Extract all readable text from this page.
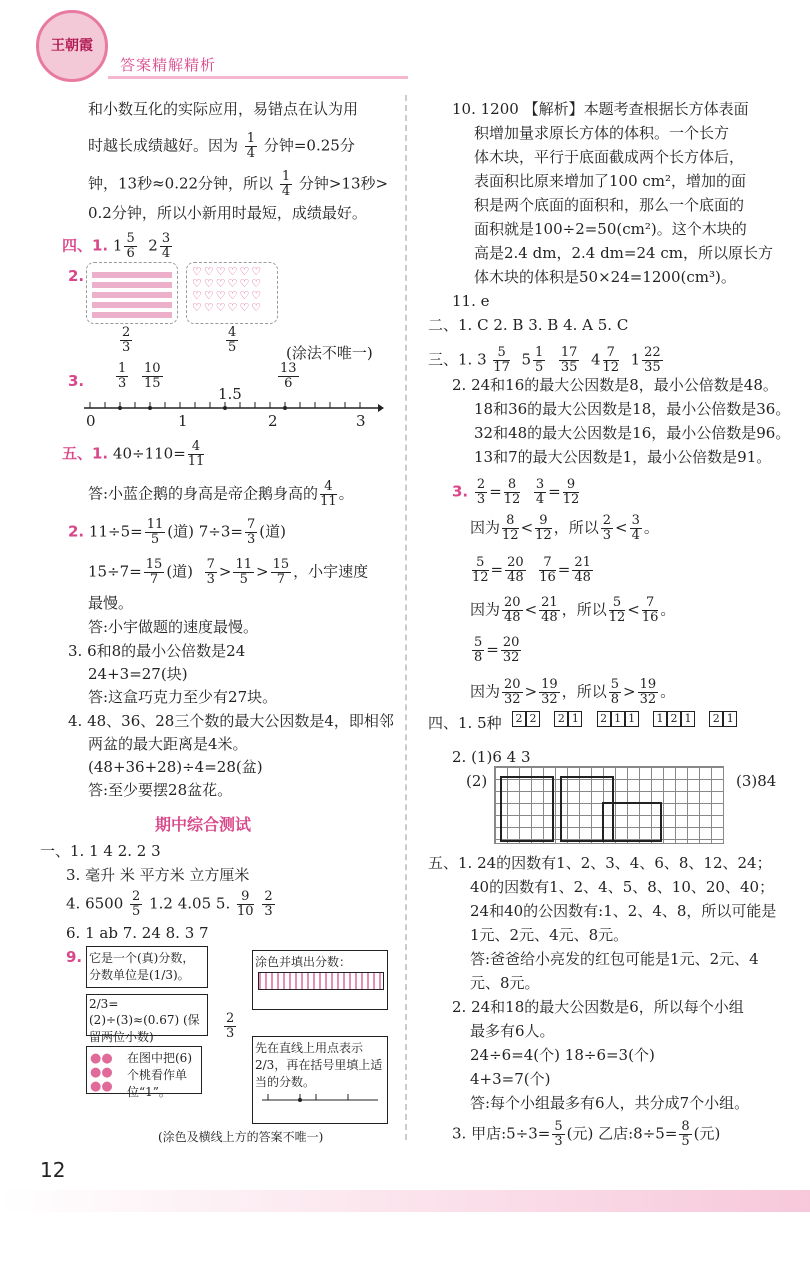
王朝霞
答案精解精析
和小数互化的实际应用，易错点在认为用
时越长成绩越好。因为 $\frac{1}{4}$ 分钟=0.25分
钟，13秒≈0.22分钟，所以 $\frac{1}{4}$ 分钟>13秒>
0.2分钟，所以小新用时最短，成绩最好。
四、1. $1 \frac{5}{6} 2 \frac{3}{4}$
2.	♡♡♡♡♡♡
♡♡♡♡♡♡
♡♡♡♡♡♡
♡♡♡♡♡♡
$\frac{2}{3}$	$\frac{4}{5}$	(涂法不唯一)
3. $\frac{1}{3} \frac{10}{15}$
1.5
$\frac{13}{6}$
0	1	2	3
五、1. $40\div 110= \frac{4}{11}$
答:小蓝企鹅的身高是帝企鹅身高的 $\frac{4}{11}$ 。
2. $11\div 5= \frac{11}{5}$ (道) $7\div 3= \frac{7}{3}$ (道)
$15\div 7= \frac{15}{7}$ (道) $\frac{7}{3} > \frac{11}{5} > \frac{15}{7}$ ，小宇速度
最慢。
答:小宇做题的速度最慢。
3. 6和8的最小公倍数是24
24+3=27(块)
答:这盒巧克力至少有27块。
4. 48、36、28三个数的最大公因数是4，即相邻
两盆的最大距离是4米。
(48+36+28)÷4=28(盆)
答:至少要摆28盆花。
期中综合测试
一、1. 1 4 2. 2 3
3. 毫升 米 平方米 立方厘米
4. $6500 \frac{2}{5} 1.2$ 4.05 5. $\frac{9}{10}$
$\frac{2}{3}$
6. 1 ab 7. 24 8. 3 7
9. 它是一个(真)分数，分数单位是(1/3)。
2/3=(2)÷(3)≈(0.67) (保留两位小数)
在图中把(6)个桃看作单位“1”。
●●
●●
●●
涂色并填出分数：
先在直线上用点表示2/3，再在括号里填上适当的分数。
$\frac{2}{3}$
(涂色及横线上方的答案不唯一)
12
10. 1200 【解析】本题考查根据长方体表面
积增加量求原长方体的体积。一个长方
体木块，平行于底面截成两个长方体后，
表面积比原来增加了100 cm²，增加的面
积是两个底面的面积和，那么一个底面的
面积就是100÷2=50(cm²)。这个木块的
高是2.4 dm，2.4 dm=24 cm，所以原长方
体木块的体积是50×24=1200(cm³)。
11. e
二、1. C 2. B 3. B 4. A 5. C
三、1. $3 \frac{5}{17} 5 \frac{1}{5}$
$\frac{17}{35} 4 \frac{7}{12} 1 \frac{22}{35}$
2. 24和16的最大公因数是8，最小公倍数是48。
18和36的最大公因数是18，最小公倍数是36。
32和48的最大公因数是16，最小公倍数是96。
13和7的最大公因数是1，最小公倍数是91。
3. $\frac{2}{3} = \frac{8}{12}$
$\frac{3}{4} = \frac{9}{12}$
因为 $\frac{8}{12} < \frac{9}{12}$ ，所以 $\frac{2}{3} < \frac{3}{4}$ 。
$\frac{5}{12} = \frac{20}{48}$
$\frac{7}{16} = \frac{21}{48}$
因为 $\frac{20}{48} < \frac{21}{48}$ ，所以 $\frac{5}{12} < \frac{7}{16}$ 。
$\frac{5}{8} = \frac{20}{32}$
因为 $\frac{20}{32} > \frac{19}{32}$ ，所以 $\frac{5}{8} > \frac{19}{32}$ 。
四、1. 5种	2 2 2 1 2 1 1 1 2 1 2 1
2. (1)6 4 3
(2)	(3)84
五、1. 24的因数有1、2、3、4、6、8、12、24；
40的因数有1、2、4、5、8、10、20、40；
24和40的公因数有:1、2、4、8，所以可能是
1元、2元、4元、8元。
答:爸爸给小亮发的红包可能是1元、2元、4
元、8元。
2. 24和18的最大公因数是6，所以每个小组
最多有6人。
24÷6=4(个) 18÷6=3(个)
4+3=7(个)
答:每个小组最多有6人，共分成7个小组。
3. 甲店:5÷3= $\frac{5}{3}$ (元) 乙店:8÷5= $\frac{8}{5}$ (元)
